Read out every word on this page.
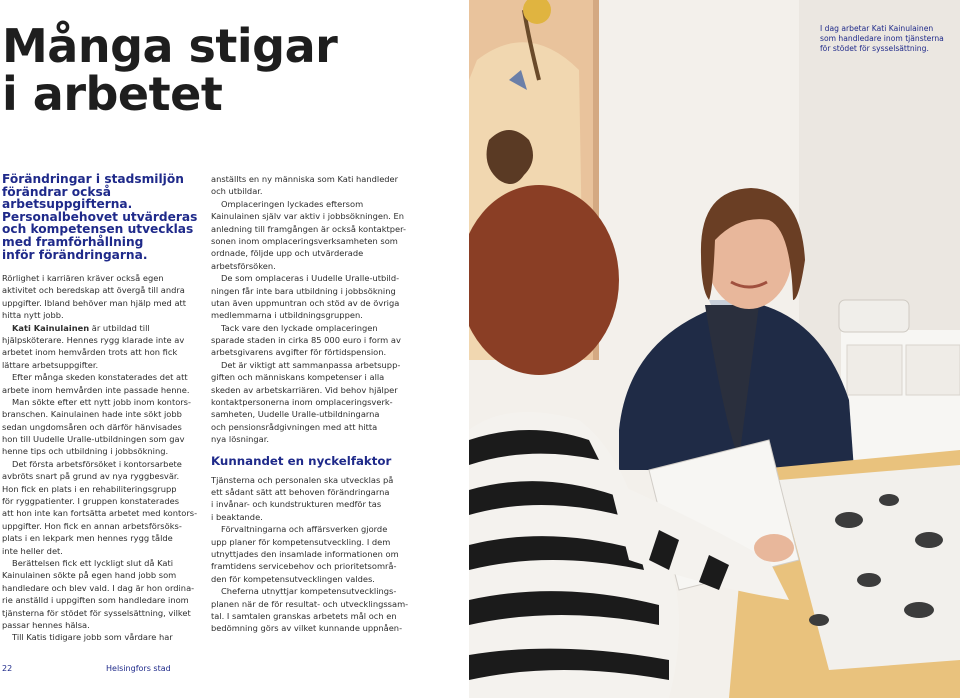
Många stigar
i arbetet
Förändringar i stadsmiljön
förändrar också
arbetsuppgifterna.
Personalbehovet utvärderas
och kompetensen utvecklas
med framförhållning
inför förändringarna.
Rörlighet i karriären kräver också egen
aktivitet och beredskap att övergå till andra
uppgifter. Ibland behöver man hjälp med att
hitta nytt jobb.
Kati Kainulainen är utbildad till
hjälpsköterare. Hennes rygg klarade inte av
arbetet inom hemvården trots att hon fick
lättare arbetsuppgifter.
Efter många skeden konstaterades det att
arbete inom hemvården inte passade henne.
Man sökte efter ett nytt jobb inom kontors-
branschen. Kainulainen hade inte sökt jobb
sedan ungdomsåren och därför hänvisades
hon till Uudelle Uralle-utbildningen som gav
henne tips och utbildning i jobbsökning.
Det första arbetsförsöket i kontorsarbete
avbröts snart på grund av nya ryggbesvär.
Hon fick en plats i en rehabiliteringsgrupp
för ryggpatienter. I gruppen konstaterades
att hon inte kan fortsätta arbetet med kontors-
uppgifter. Hon fick en annan arbetsförsöks-
plats i en lekpark men hennes rygg tålde
inte heller det.
Berättelsen fick ett lyckligt slut då Kati
Kainulainen sökte på egen hand jobb som
handledare och blev vald. I dag är hon ordina-
rie anställd i uppgiften som handledare inom
tjänsterna för stödet för sysselsättning, vilket
passar hennes hälsa.
Till Katis tidigare jobb som vårdare har
anställts en ny människa som Kati handleder
och utbildar.
Omplaceringen lyckades eftersom
Kainulainen själv var aktiv i jobbsökningen. En
anledning till framgången är också kontaktper-
sonen inom omplaceringsverksamheten som
ordnade, följde upp och utvärderade
arbetsförsöken.
De som omplaceras i Uudelle Uralle-utbild-
ningen får inte bara utbildning i jobbsökning
utan även uppmuntran och stöd av de övriga
medlemmarna i utbildningsgruppen.
Tack vare den lyckade omplaceringen
sparade staden in cirka 85 000 euro i form av
arbetsgivarens avgifter för förtidspension.
Det är viktigt att sammanpassa arbetsupp-
giften och människans kompetenser i alla
skeden av arbetskarriären. Vid behov hjälper
kontaktpersonerna inom omplaceringsverk-
samheten, Uudelle Uralle-utbildningarna
och pensionsrådgivningen med att hitta
nya lösningar.
Kunnandet en nyckelfaktor
Tjänsterna och personalen ska utvecklas på
ett sådant sätt att behoven förändringarna
i invånar- och kundstrukturen medför tas
i beaktande.
Förvaltningarna och affärsverken gjorde
upp planer för kompetensutveckling. I dem
utnyttjades den insamlade informationen om
framtidens servicebehov och prioritetsområ-
den för kompetensutvecklingen valdes.
Cheferna utnyttjar kompetensutvecklings-
planen när de för resultat- och utvecklingssam-
tal. I samtalen granskas arbetets mål och en
bedömning görs av vilket kunnande uppnåen-
22	Helsingfors stad
I dag arbetar Kati Kainulainen
som handledare inom tjänsterna
för stödet för sysselsättning.
